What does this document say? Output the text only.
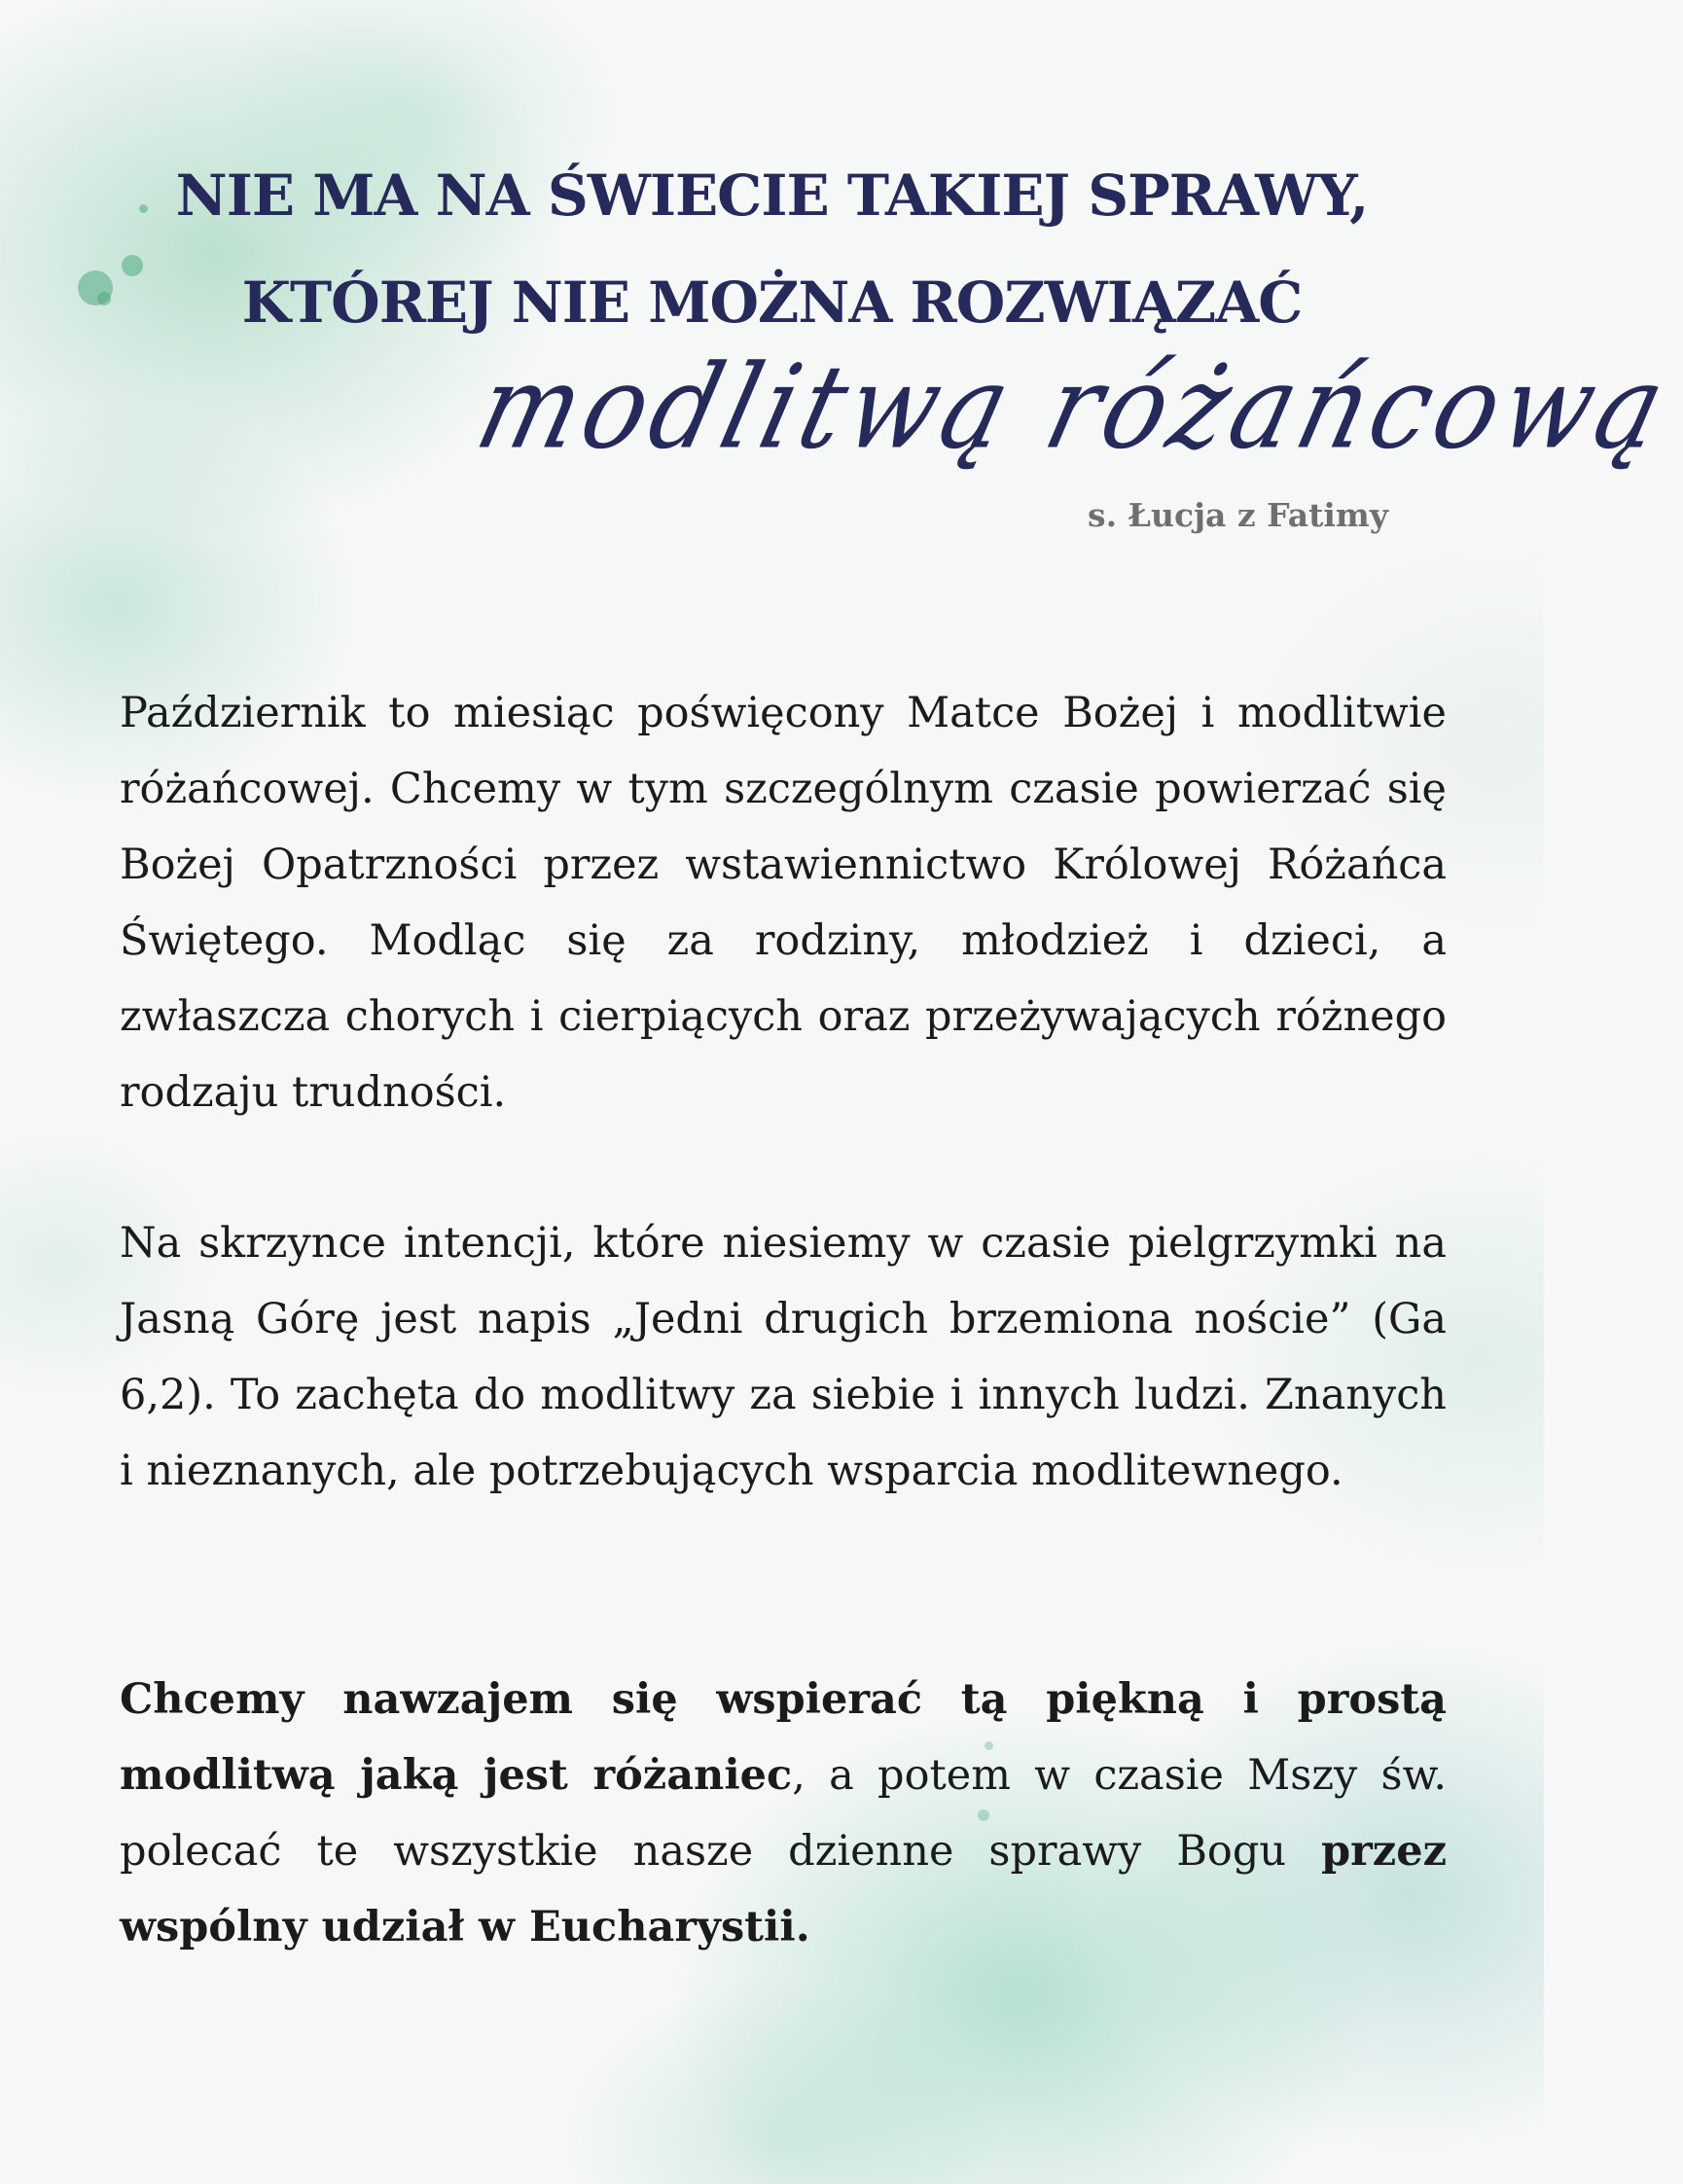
NIE MA NA ŚWIECIE TAKIEJ SPRAWY,
KTÓREJ NIE MOŻNA ROZWIĄZAĆ
modlitwą różańcową
s. Łucja z Fatimy
Październik to miesiąc poświęcony Matce Bożej i modlitwie różańcowej. Chcemy w tym szczególnym czasie powierzać się Bożej Opatrzności przez wstawiennictwo Królowej Różańca Świętego. Modląc się za rodziny, młodzież i dzieci, a zwłaszcza chorych i cierpiących oraz przeżywających różnego rodzaju trudności.
Na skrzynce intencji, które niesiemy w czasie pielgrzymki na Jasną Górę jest napis „Jedni drugich brzemiona noście” (Ga 6,2). To zachęta do modlitwy za siebie i innych ludzi. Znanych i nieznanych, ale potrzebujących wsparcia modlitewnego.
Chcemy nawzajem się wspierać tą piękną i prostą modlitwą jaką jest różaniec, a potem w czasie Mszy św. polecać te wszystkie nasze dzienne sprawy Bogu przez wspólny udział w Eucharystii.
